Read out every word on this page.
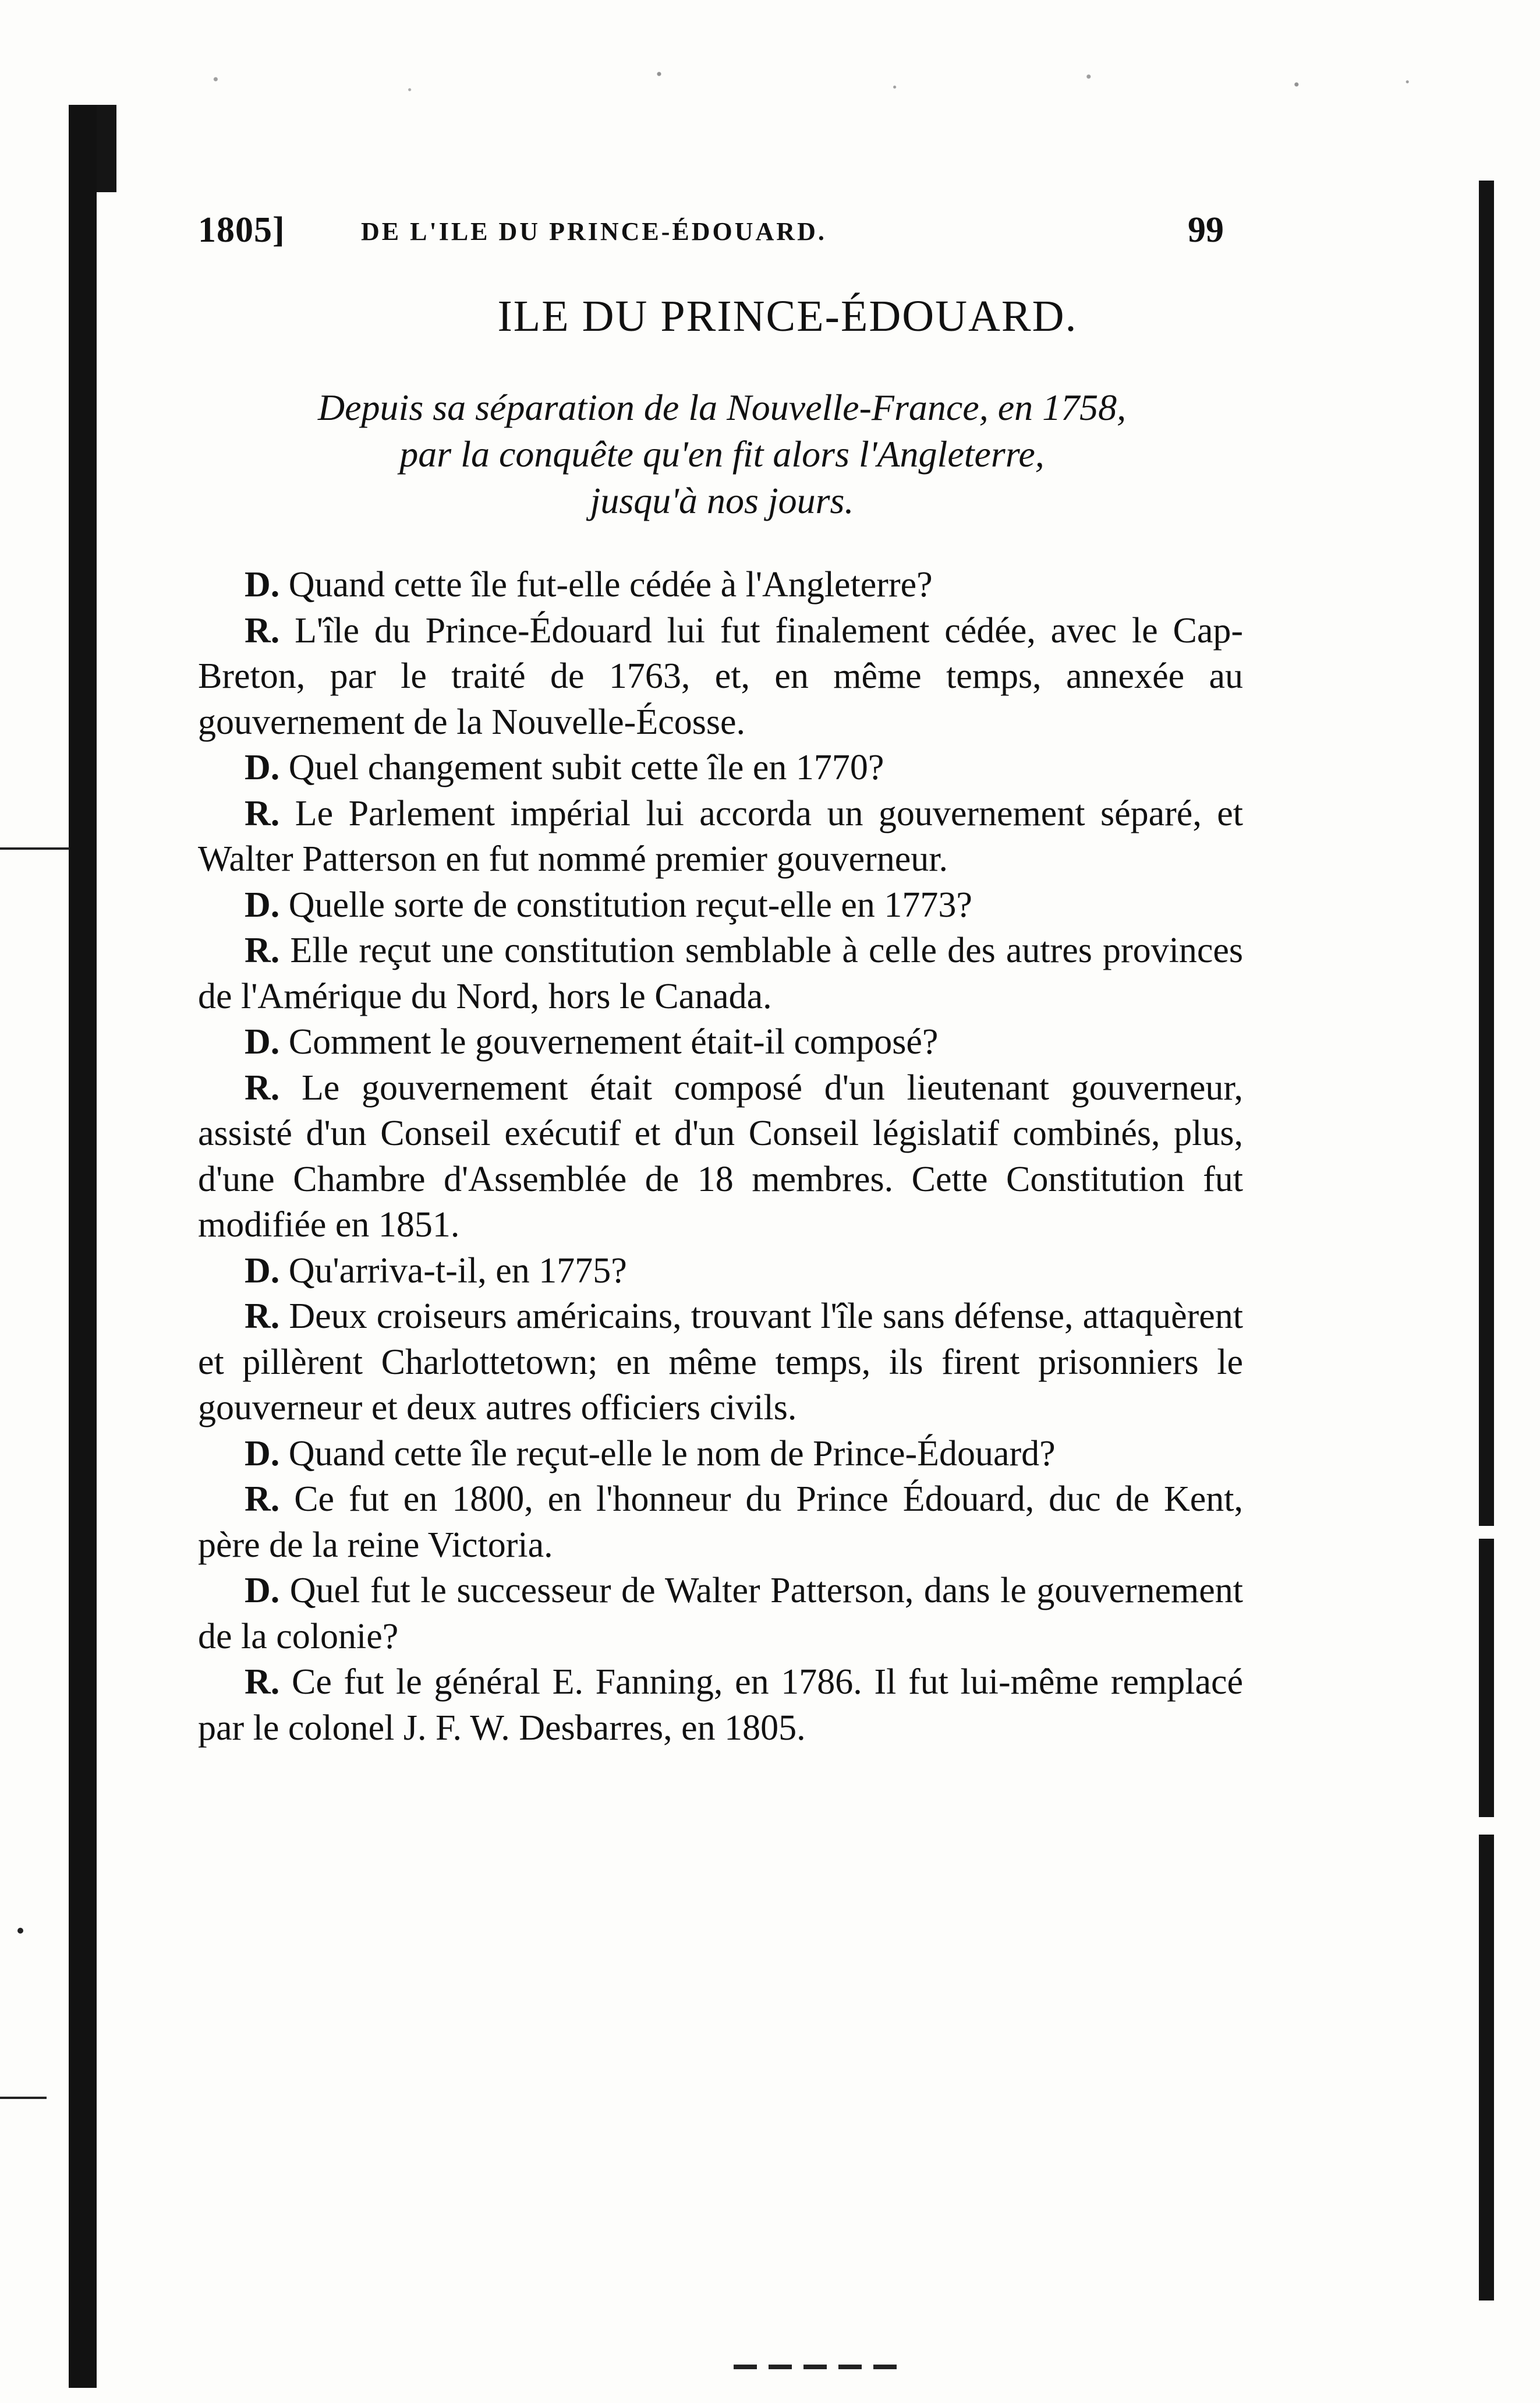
1805]	DE L'ILE DU PRINCE-ÉDOUARD.	99
ILE DU PRINCE-ÉDOUARD.
Depuis sa séparation de la Nouvelle-France, en 1758,
par la conquête qu'en fit alors l'Angleterre,
jusqu'à nos jours.

D. Quand cette île fut-elle cédée à l'Angleterre?

R. L'île du Prince-Édouard lui fut finalement cédée, avec le Cap-Breton, par le traité de 1763, et, en même temps, annexée au gouvernement de la Nouvelle-Écosse.

D. Quel changement subit cette île en 1770?

R. Le Parlement impérial lui accorda un gouvernement séparé, et Walter Patterson en fut nommé premier gouverneur.

D. Quelle sorte de constitution reçut-elle en 1773?

R. Elle reçut une constitution semblable à celle des autres provinces de l'Amérique du Nord, hors le Canada.

D. Comment le gouvernement était-il composé?

R. Le gouvernement était composé d'un lieutenant gouverneur, assisté d'un Conseil exécutif et d'un Conseil législatif combinés, plus, d'une Chambre d'Assemblée de 18 membres. Cette Constitution fut modifiée en 1851.

D. Qu'arriva-t-il, en 1775?

R. Deux croiseurs américains, trouvant l'île sans défense, attaquèrent et pillèrent Charlottetown; en même temps, ils firent prisonniers le gouverneur et deux autres officiers civils.

D. Quand cette île reçut-elle le nom de Prince-Édouard?

R. Ce fut en 1800, en l'honneur du Prince Édouard, duc de Kent, père de la reine Victoria.

D. Quel fut le successeur de Walter Patterson, dans le gouvernement de la colonie?

R. Ce fut le général E. Fanning, en 1786. Il fut lui-même remplacé par le colonel J. F. W. Desbarres, en 1805.
